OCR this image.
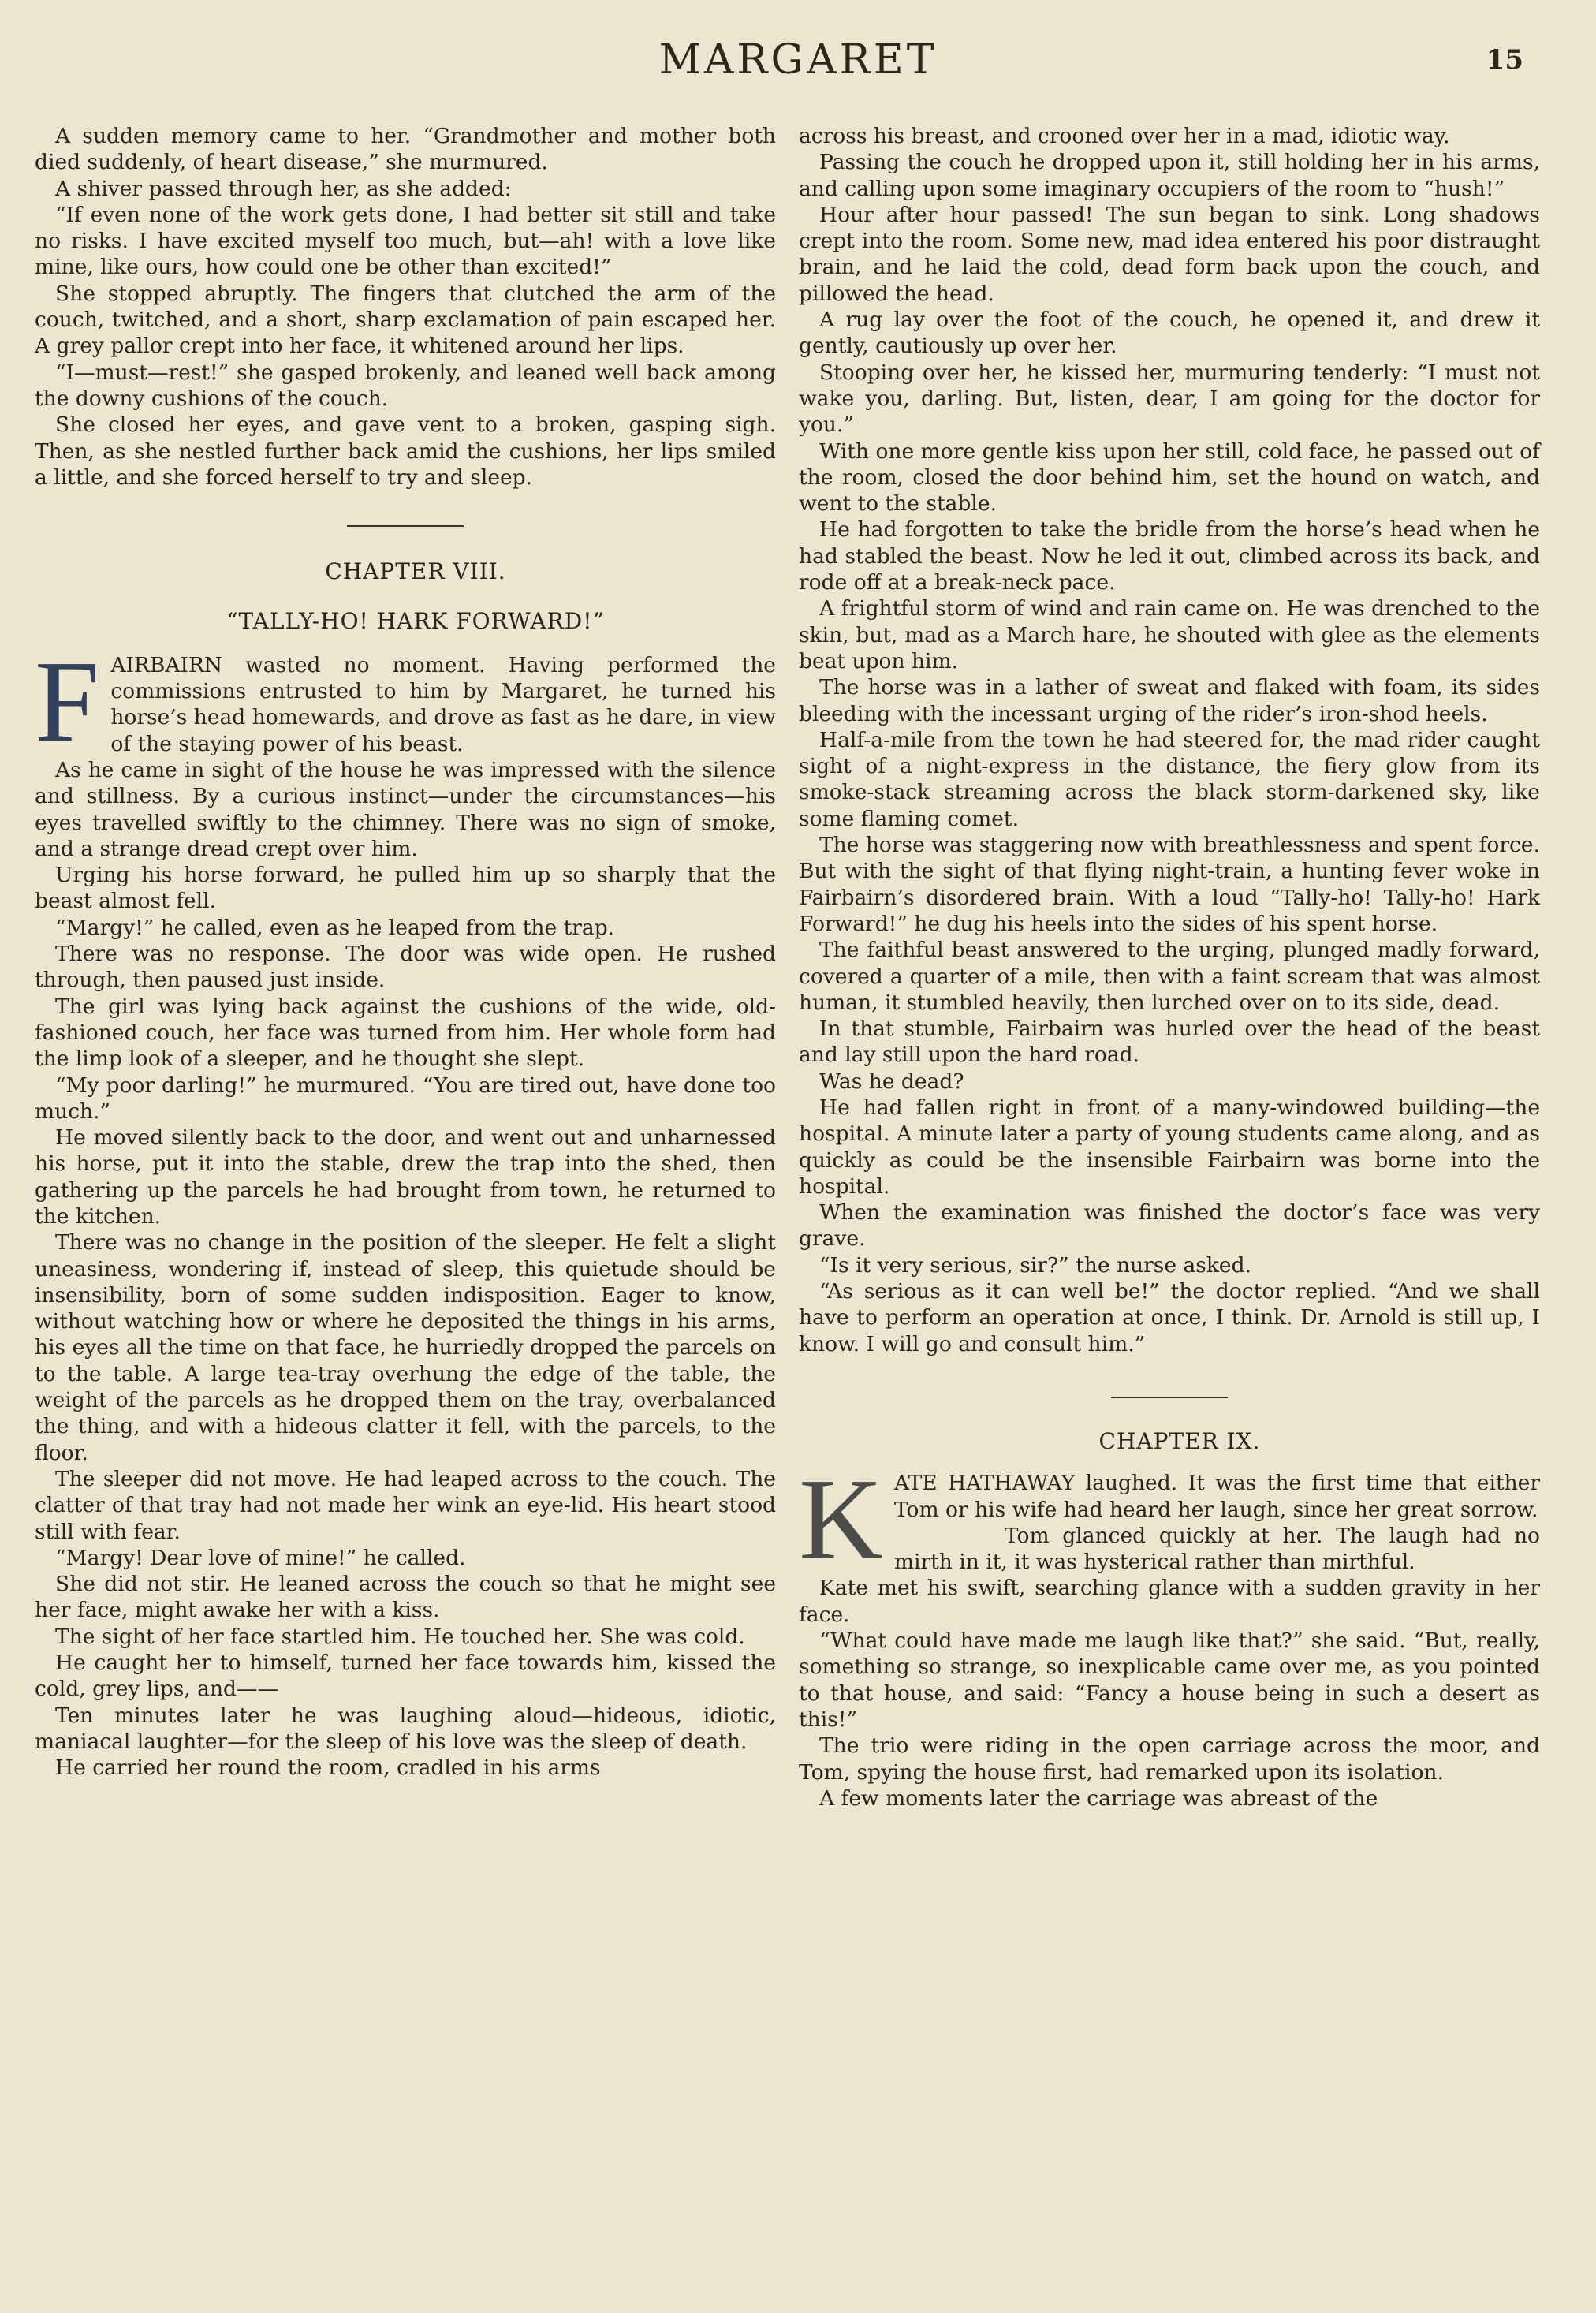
MARGARET	15

A sudden memory came to her. “Grandmother and mother both died suddenly, of heart disease,” she murmured.

A shiver passed through her, as she added:

“If even none of the work gets done, I had better sit still and take no risks. I have excited myself too much, but—ah! with a love like mine, like ours, how could one be other than excited!”

She stopped abruptly. The fingers that clutched the arm of the couch, twitched, and a short, sharp exclamation of pain escaped her. A grey pallor crept into her face, it whitened around her lips.

“I—must—rest!” she gasped brokenly, and leaned well back among the downy cushions of the couch.

She closed her eyes, and gave vent to a broken, gasping sigh. Then, as she nestled further back amid the cushions, her lips smiled a little, and she forced herself to try and sleep.

CHAPTER VIII.

“TALLY-HO! HARK FORWARD!”

FAIRBAIRN wasted no moment. Having performed the commissions entrusted to him by Margaret, he turned his horse’s head homewards, and drove as fast as he dare, in view of the staying power of his beast.

As he came in sight of the house he was impressed with the silence and stillness. By a curious instinct—under the circumstances—his eyes travelled swiftly to the chimney. There was no sign of smoke, and a strange dread crept over him.

Urging his horse forward, he pulled him up so sharply that the beast almost fell.

“Margy!” he called, even as he leaped from the trap.

There was no response. The door was wide open. He rushed through, then paused just inside.

The girl was lying back against the cushions of the wide, old-fashioned couch, her face was turned from him. Her whole form had the limp look of a sleeper, and he thought she slept.

“My poor darling!” he murmured. “You are tired out, have done too much.”

He moved silently back to the door, and went out and unharnessed his horse, put it into the stable, drew the trap into the shed, then gathering up the parcels he had brought from town, he returned to the kitchen.

There was no change in the position of the sleeper. He felt a slight uneasiness, wondering if, instead of sleep, this quietude should be insensibility, born of some sudden indisposition. Eager to know, without watching how or where he deposited the things in his arms, his eyes all the time on that face, he hurriedly dropped the parcels on to the table. A large tea-tray overhung the edge of the table, the weight of the parcels as he dropped them on the tray, overbalanced the thing, and with a hideous clatter it fell, with the parcels, to the floor.

The sleeper did not move. He had leaped across to the couch. The clatter of that tray had not made her wink an eye-lid. His heart stood still with fear.

“Margy! Dear love of mine!” he called.

She did not stir. He leaned across the couch so that he might see her face, might awake her with a kiss.

The sight of her face startled him. He touched her. She was cold.

He caught her to himself, turned her face towards him, kissed the cold, grey lips, and——

Ten minutes later he was laughing aloud—hideous, idiotic, maniacal laughter—for the sleep of his love was the sleep of death.

He carried her round the room, cradled in his arms

across his breast, and crooned over her in a mad, idiotic way.

Passing the couch he dropped upon it, still holding her in his arms, and calling upon some imaginary occupiers of the room to “hush!”

Hour after hour passed! The sun began to sink. Long shadows crept into the room. Some new, mad idea entered his poor distraught brain, and he laid the cold, dead form back upon the couch, and pillowed the head.

A rug lay over the foot of the couch, he opened it, and drew it gently, cautiously up over her.

Stooping over her, he kissed her, murmuring tenderly: “I must not wake you, darling. But, listen, dear, I am going for the doctor for you.”

With one more gentle kiss upon her still, cold face, he passed out of the room, closed the door behind him, set the hound on watch, and went to the stable.

He had forgotten to take the bridle from the horse’s head when he had stabled the beast. Now he led it out, climbed across its back, and rode off at a break-neck pace.

A frightful storm of wind and rain came on. He was drenched to the skin, but, mad as a March hare, he shouted with glee as the elements beat upon him.

The horse was in a lather of sweat and flaked with foam, its sides bleeding with the incessant urging of the rider’s iron-shod heels.

Half-a-mile from the town he had steered for, the mad rider caught sight of a night-express in the distance, the fiery glow from its smoke-stack streaming across the black storm-darkened sky, like some flaming comet.

The horse was staggering now with breathlessness and spent force. But with the sight of that flying night-train, a hunting fever woke in Fairbairn’s disordered brain. With a loud “Tally-ho! Tally-ho! Hark Forward!” he dug his heels into the sides of his spent horse.

The faithful beast answered to the urging, plunged madly forward, covered a quarter of a mile, then with a faint scream that was almost human, it stumbled heavily, then lurched over on to its side, dead.

In that stumble, Fairbairn was hurled over the head of the beast and lay still upon the hard road.

Was he dead?

He had fallen right in front of a many-windowed building—the hospital. A minute later a party of young students came along, and as quickly as could be the insensible Fairbairn was borne into the hospital.

When the examination was finished the doctor’s face was very grave.

“Is it very serious, sir?” the nurse asked.

“As serious as it can well be!” the doctor replied. “And we shall have to perform an operation at once, I think. Dr. Arnold is still up, I know. I will go and consult him.”

CHAPTER IX.

KATE HATHAWAY laughed. It was the first time that either Tom or his wife had heard her laugh, since her great sorrow.

Tom glanced quickly at her. The laugh had no mirth in it, it was hysterical rather than mirthful.

Kate met his swift, searching glance with a sudden gravity in her face.

“What could have made me laugh like that?” she said. “But, really, something so strange, so inexplicable came over me, as you pointed to that house, and said: “Fancy a house being in such a desert as this!”

The trio were riding in the open carriage across the moor, and Tom, spying the house first, had remarked upon its isolation.

A few moments later the carriage was abreast of the
